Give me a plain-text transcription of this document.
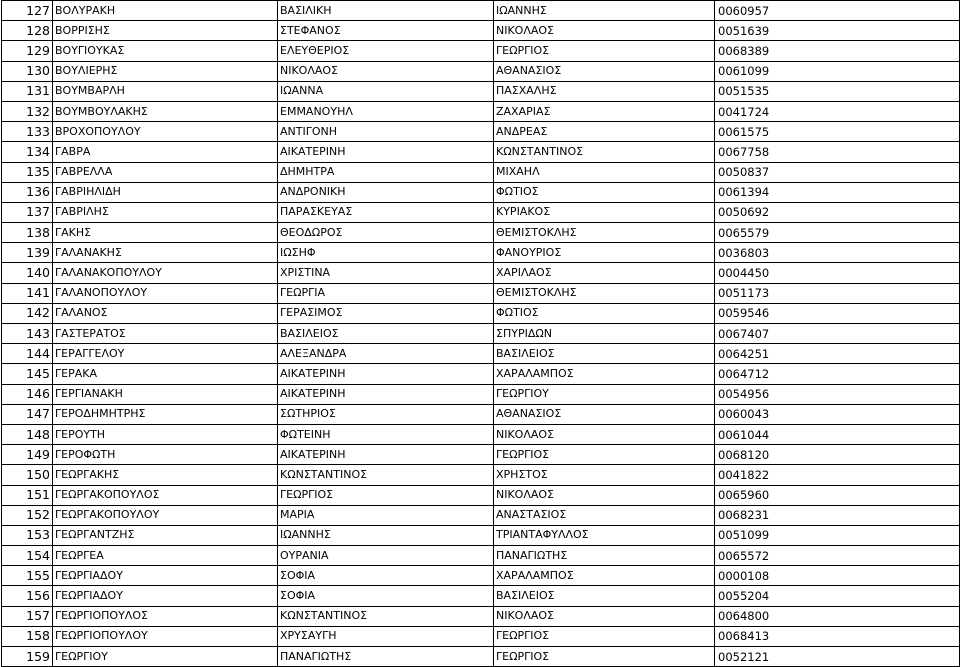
127	ΒΟΛΥΡΑΚΗ	ΒΑΣΙΛΙΚΗ	ΙΩΑΝΝΗΣ	0060957
128	ΒΟΡΡΙΣΗΣ	ΣΤΕΦΑΝΟΣ	ΝΙΚΟΛΑΟΣ	0051639
129	ΒΟΥΓΙΟΥΚΑΣ	ΕΛΕΥΘΕΡΙΟΣ	ΓΕΩΡΓΙΟΣ	0068389
130	ΒΟΥΛΙΕΡΗΣ	ΝΙΚΟΛΑΟΣ	ΑΘΑΝΑΣΙΟΣ	0061099
131	ΒΟΥΜΒΑΡΛΗ	ΙΩΑΝΝΑ	ΠΑΣΧΑΛΗΣ	0051535
132	ΒΟΥΜΒΟΥΛΑΚΗΣ	ΕΜΜΑΝΟΥΗΛ	ΖΑΧΑΡΙΑΣ	0041724
133	ΒΡΟΧΟΠΟΥΛΟΥ	ΑΝΤΙΓΟΝΗ	ΑΝΔΡΕΑΣ	0061575
134	ΓΑΒΡΑ	ΑΙΚΑΤΕΡΙΝΗ	ΚΩΝΣΤΑΝΤΙΝΟΣ	0067758
135	ΓΑΒΡΕΛΛΑ	ΔΗΜΗΤΡΑ	ΜΙΧΑΗΛ	0050837
136	ΓΑΒΡΙΗΛΙΔΗ	ΑΝΔΡΟΝΙΚΗ	ΦΩΤΙΟΣ	0061394
137	ΓΑΒΡΙΛΗΣ	ΠΑΡΑΣΚΕΥΑΣ	ΚΥΡΙΑΚΟΣ	0050692
138	ΓΑΚΗΣ	ΘΕΟΔΩΡΟΣ	ΘΕΜΙΣΤΟΚΛΗΣ	0065579
139	ΓΑΛΑΝΑΚΗΣ	ΙΩΣΗΦ	ΦΑΝΟΥΡΙΟΣ	0036803
140	ΓΑΛΑΝΑΚΟΠΟΥΛΟΥ	ΧΡΙΣΤΙΝΑ	ΧΑΡΙΛΑΟΣ	0004450
141	ΓΑΛΑΝΟΠΟΥΛΟΥ	ΓΕΩΡΓΙΑ	ΘΕΜΙΣΤΟΚΛΗΣ	0051173
142	ΓΑΛΑΝΟΣ	ΓΕΡΑΣΙΜΟΣ	ΦΩΤΙΟΣ	0059546
143	ΓΑΣΤΕΡΑΤΟΣ	ΒΑΣΙΛΕΙΟΣ	ΣΠΥΡΙΔΩΝ	0067407
144	ΓΕΡΑΓΓΕΛΟΥ	ΑΛΕΞΑΝΔΡΑ	ΒΑΣΙΛΕΙΟΣ	0064251
145	ΓΕΡΑΚΑ	ΑΙΚΑΤΕΡΙΝΗ	ΧΑΡΑΛΑΜΠΟΣ	0064712
146	ΓΕΡΓΙΑΝΑΚΗ	ΑΙΚΑΤΕΡΙΝΗ	ΓΕΩΡΓΙΟΥ	0054956
147	ΓΕΡΟΔΗΜΗΤΡΗΣ	ΣΩΤΗΡΙΟΣ	ΑΘΑΝΑΣΙΟΣ	0060043
148	ΓΕΡΟΥΤΗ	ΦΩΤΕΙΝΗ	ΝΙΚΟΛΑΟΣ	0061044
149	ΓΕΡΟΦΩΤΗ	ΑΙΚΑΤΕΡΙΝΗ	ΓΕΩΡΓΙΟΣ	0068120
150	ΓΕΩΡΓΑΚΗΣ	ΚΩΝΣΤΑΝΤΙΝΟΣ	ΧΡΗΣΤΟΣ	0041822
151	ΓΕΩΡΓΑΚΟΠΟΥΛΟΣ	ΓΕΩΡΓΙΟΣ	ΝΙΚΟΛΑΟΣ	0065960
152	ΓΕΩΡΓΑΚΟΠΟΥΛΟΥ	ΜΑΡΙΑ	ΑΝΑΣΤΑΣΙΟΣ	0068231
153	ΓΕΩΡΓΑΝΤΖΗΣ	ΙΩΑΝΝΗΣ	ΤΡΙΑΝΤΑΦΥΛΛΟΣ	0051099
154	ΓΕΩΡΓΕΑ	ΟΥΡΑΝΙΑ	ΠΑΝΑΓΙΩΤΗΣ	0065572
155	ΓΕΩΡΓΙΑΔΟΥ	ΣΟΦΙΑ	ΧΑΡΑΛΑΜΠΟΣ	0000108
156	ΓΕΩΡΓΙΑΔΟΥ	ΣΟΦΙΑ	ΒΑΣΙΛΕΙΟΣ	0055204
157	ΓΕΩΡΓΙΟΠΟΥΛΟΣ	ΚΩΝΣΤΑΝΤΙΝΟΣ	ΝΙΚΟΛΑΟΣ	0064800
158	ΓΕΩΡΓΙΟΠΟΥΛΟΥ	ΧΡΥΣΑΥΓΗ	ΓΕΩΡΓΙΟΣ	0068413
159	ΓΕΩΡΓΙΟΥ	ΠΑΝΑΓΙΩΤΗΣ	ΓΕΩΡΓΙΟΣ	0052121
